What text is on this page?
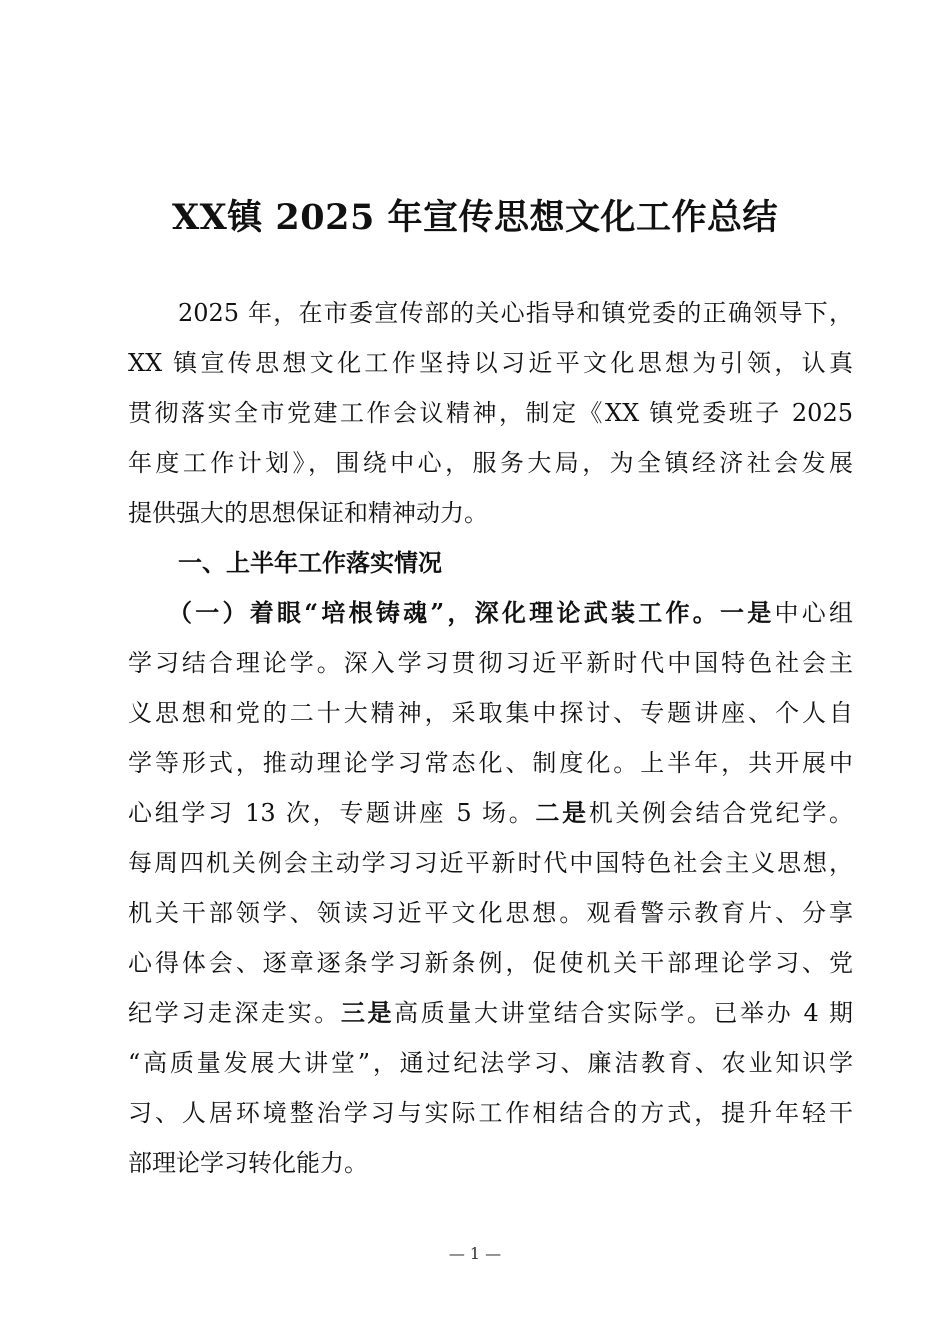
XX镇 2025 年宣传思想文化工作总结
2025 年，在市委宣传部的关心指导和镇党委的正确领导下，
XX 镇宣传思想文化工作坚持以习近平文化思想为引领，认真
贯彻落实全市党建工作会议精神，制定《XX 镇党委班子 2025
年度工作计划》，围绕中心，服务大局，为全镇经济社会发展
提供强大的思想保证和精神动力。
一、上半年工作落实情况
（一）着眼“培根铸魂”，深化理论武装工作。一是中心组
学习结合理论学。深入学习贯彻习近平新时代中国特色社会主
义思想和党的二十大精神，采取集中探讨、专题讲座、个人自
学等形式，推动理论学习常态化、制度化。上半年，共开展中
心组学习 13 次，专题讲座 5 场。二是机关例会结合党纪学。
每周四机关例会主动学习习近平新时代中国特色社会主义思想，
机关干部领学、领读习近平文化思想。观看警示教育片、分享
心得体会、逐章逐条学习新条例，促使机关干部理论学习、党
纪学习走深走实。三是高质量大讲堂结合实际学。已举办 4 期
“高质量发展大讲堂”，通过纪法学习、廉洁教育、农业知识学
习、人居环境整治学习与实际工作相结合的方式，提升年轻干
部理论学习转化能力。
— 1 —
